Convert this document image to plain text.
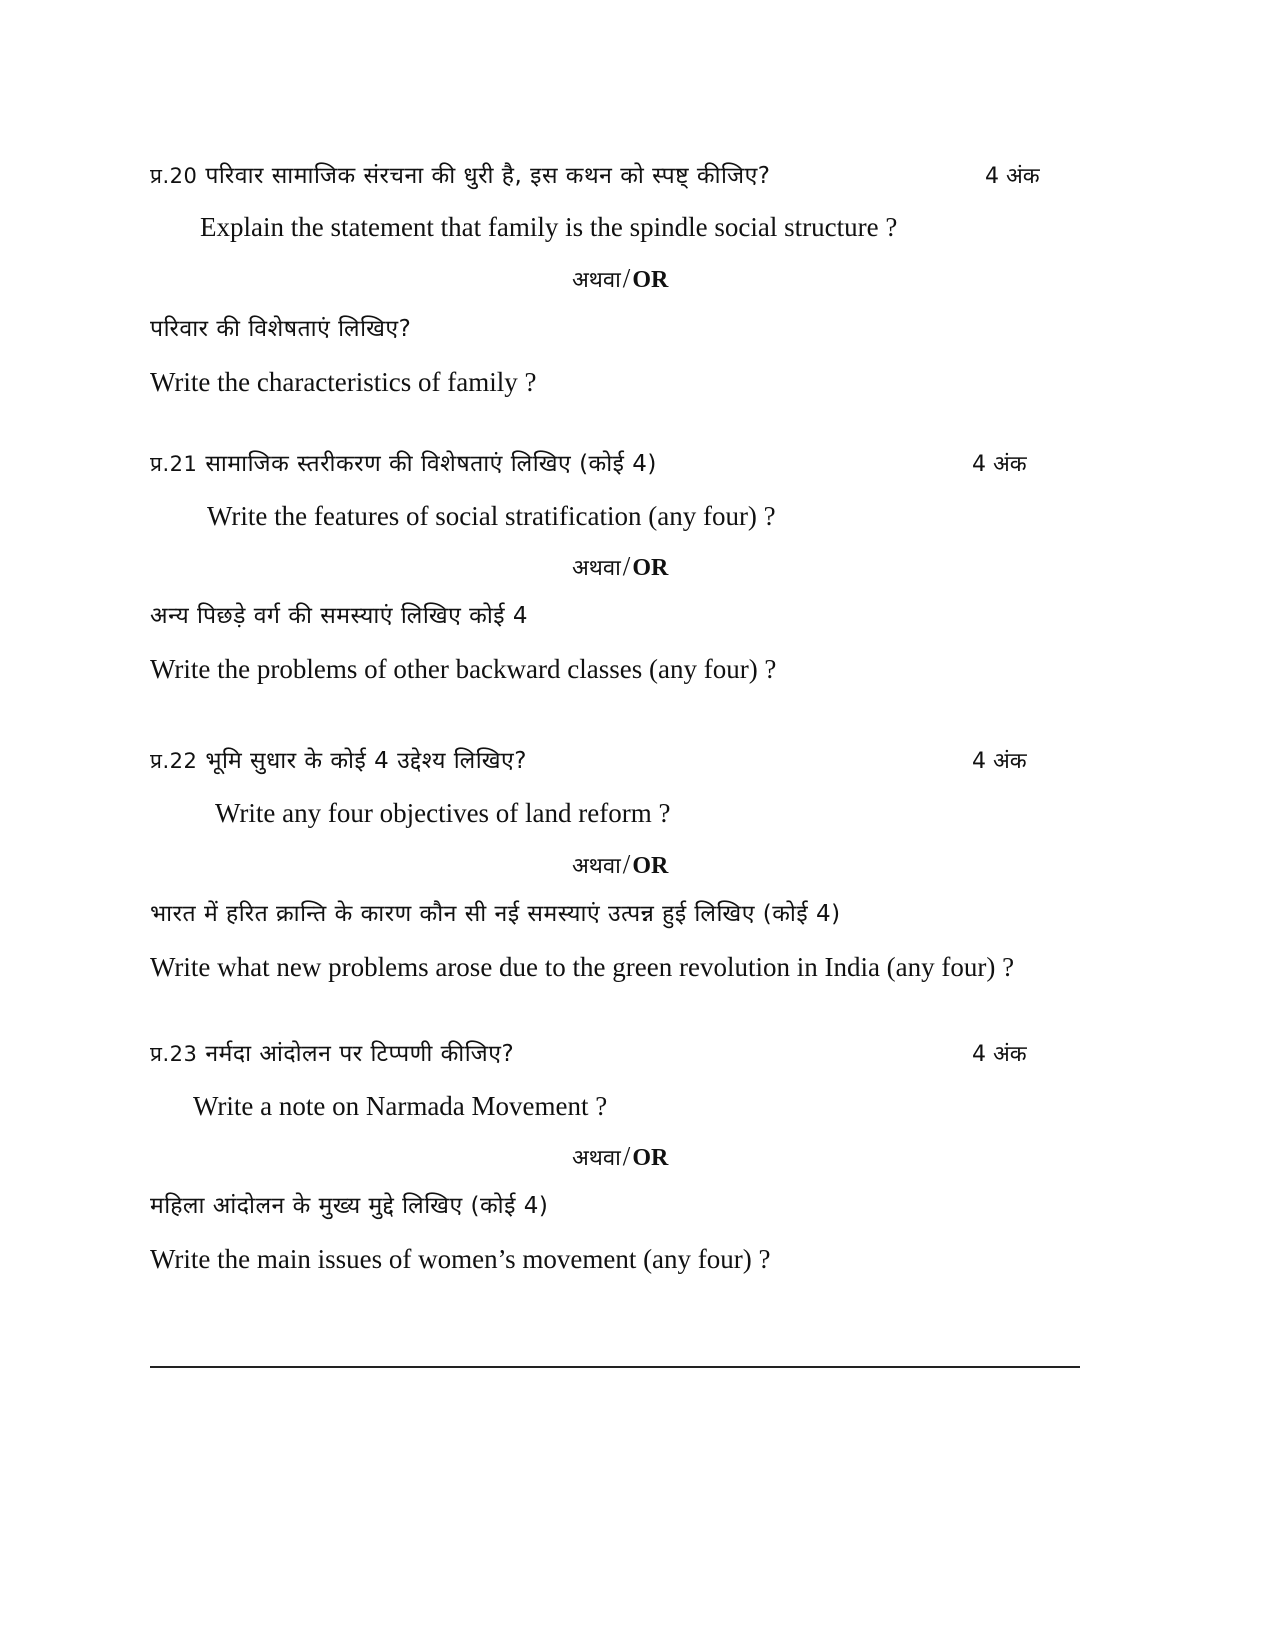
प्र.20 परिवार सामाजिक संरचना की धुरी है, इस कथन को स्पष्ट् कीजिए?	4 अंक
Explain the statement that family is the spindle social structure ?
अथवा/OR
परिवार की विशेषताएं लिखिए?
Write the characteristics of family ?
प्र.21 सामाजिक स्तरीकरण की विशेषताएं लिखिए (कोई 4)	4 अंक
Write the features of social stratification (any four) ?
अथवा/OR
अन्य पिछड़े वर्ग की समस्याएं लिखिए कोई 4
Write the problems of other backward classes (any four) ?
प्र.22 भूमि सुधार के कोई 4 उद्देश्य लिखिए?	4 अंक
Write any four objectives of land reform ?
अथवा/OR
भारत में हरित क्रान्ति के कारण कौन सी नई समस्याएं उत्पन्न हुई लिखिए (कोई 4)
Write what new problems arose due to the green revolution in India (any four) ?
प्र.23 नर्मदा आंदोलन पर टिप्पणी कीजिए?	4 अंक
Write a note on Narmada Movement ?
अथवा/OR
महिला आंदोलन के मुख्य मुद्दे लिखिए (कोई 4)
Write the main issues of women’s movement (any four) ?
